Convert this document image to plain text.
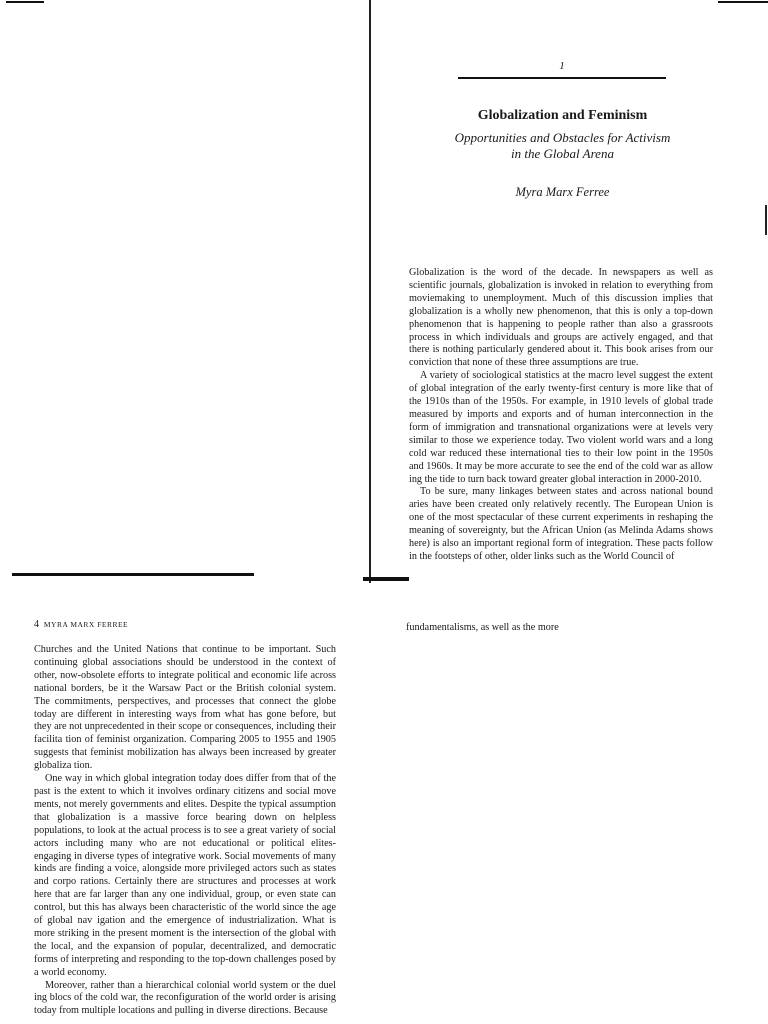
1
Globalization and Feminism
Opportunities and Obstacles for Activism
in the Global Arena
Myra Marx Ferree

Globalization is the word of the decade. In newspapers as well as scientific journals, globalization is invoked in relation to everything from moviemaking to unemployment. Much of this discussion implies that globalization is a wholly new phenomenon, that this is only a top-down phenomenon that is happening to people rather than also a grassroots process in which individuals and groups are actively engaged, and that there is nothing particularly gendered about it. This book arises from our conviction that none of these three assumptions are true.

A variety of sociological statistics at the macro level suggest the extent of global integration of the early twenty-first century is more like that of the 1910s than of the 1950s. For example, in 1910 levels of global trade measured by imports and exports and of human interconnection in the form of immigration and transnational organizations were at levels very similar to those we experience today. Two violent world wars and a long cold war reduced these international ties to their low point in the 1950s and 1960s. It may be more accurate to see the end of the cold war as allow ing the tide to turn back toward greater global interaction in 2000-2010.

To be sure, many linkages between states and across national bound aries have been created only relatively recently. The European Union is one of the most spectacular of these current experiments in reshaping the meaning of sovereignty, but the African Union (as Melinda Adams shows here) is also an important regional form of integration. These pacts follow in the footsteps of other, older links such as the World Council of

4 MYRA MARX FERREE	fundamentalisms, as well as the more

Churches and the United Nations that continue to be important. Such continuing global associations should be understood in the context of other, now-obsolete efforts to integrate political and economic life across national borders, be it the Warsaw Pact or the British colonial system. The commitments, perspectives, and processes that connect the globe today are different in interesting ways from what has gone before, but they are not unprecedented in their scope or consequences, including their facilita tion of feminist organization. Comparing 2005 to 1955 and 1905 suggests that feminist mobilization has always been increased by greater globaliza tion.

One way in which global integration today does differ from that of the past is the extent to which it involves ordinary citizens and social move ments, not merely governments and elites. Despite the typical assumption that globalization is a massive force bearing down on helpless populations, to look at the actual process is to see a great variety of social actors including many who are not educational or political elites-engaging in diverse types of integrative work. Social movements of many kinds are finding a voice, alongside more privileged actors such as states and corpo rations. Certainly there are structures and processes at work here that are far larger than any one individual, group, or even state can control, but this has always been characteristic of the world since the age of global nav igation and the emergence of industrialization. What is more striking in the present moment is the intersection of the global with the local, and the expansion of popular, decentralized, and democratic forms of interpreting and responding to the top-down challenges posed by a world economy.

Moreover, rather than a hierarchical colonial world system or the duel ing blocs of the cold war, the reconfiguration of the world order is arising today from multiple locations and pulling in diverse directions. Because
